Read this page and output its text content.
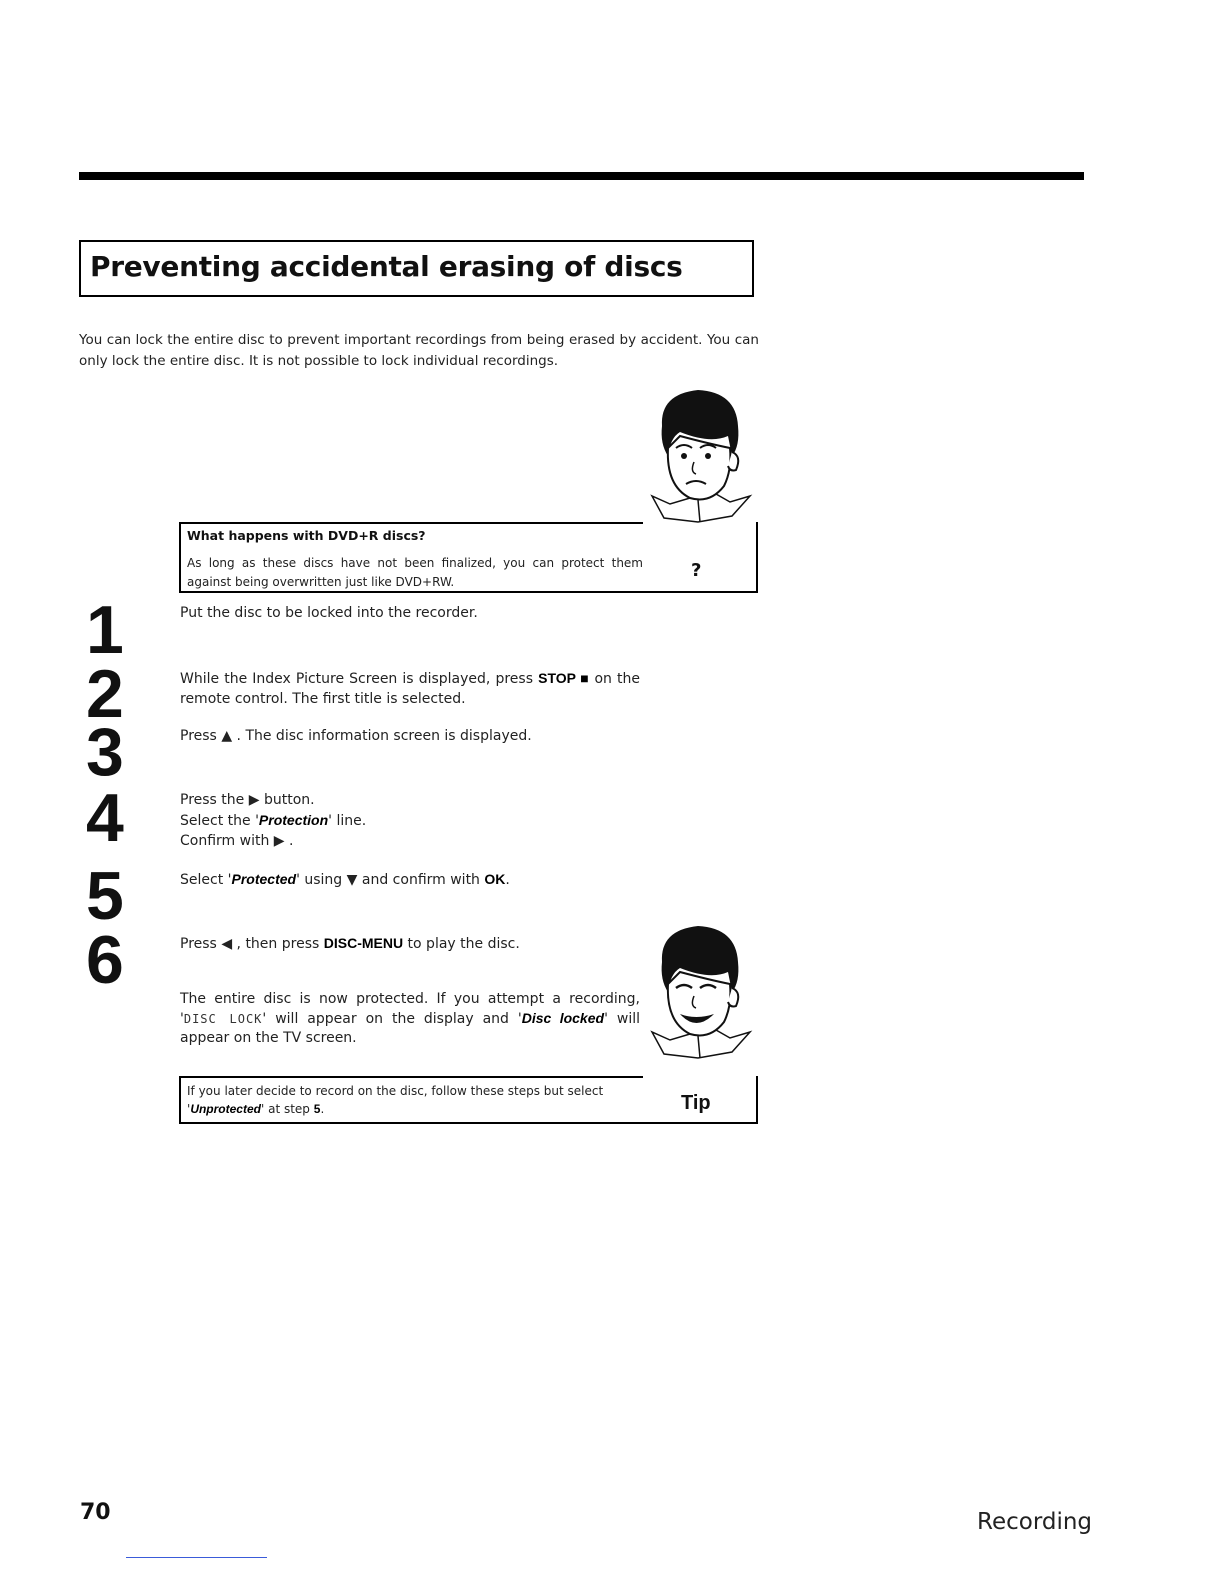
Preventing accidental erasing of discs

You can lock the entire disc to prevent important recordings from being erased by accident. You can only lock the entire disc. It is not possible to lock individual recordings.

What happens with DVD+R discs?
As long as these discs have not been finalized, you can protect them against being overwritten just like DVD+RW.
?
1
2
3
4
5
6

Put the disc to be locked into the recorder.

While the Index Picture Screen is displayed, press STOP ■ on the remote control. The first title is selected.

Press ▲ . The disc information screen is displayed.

Press the ▶ button.
Select the 'Protection' line.
Confirm with ▶ .

Select 'Protected' using ▼ and confirm with OK.

Press ◀ , then press DISC-MENU to play the disc.

The entire disc is now protected. If you attempt a recording, 'DISC LOCK' will appear on the display and 'Disc locked' will appear on the TV screen.

If you later decide to record on the disc, follow these steps but select 'Unprotected' at step 5.	Tip
70	Recording
